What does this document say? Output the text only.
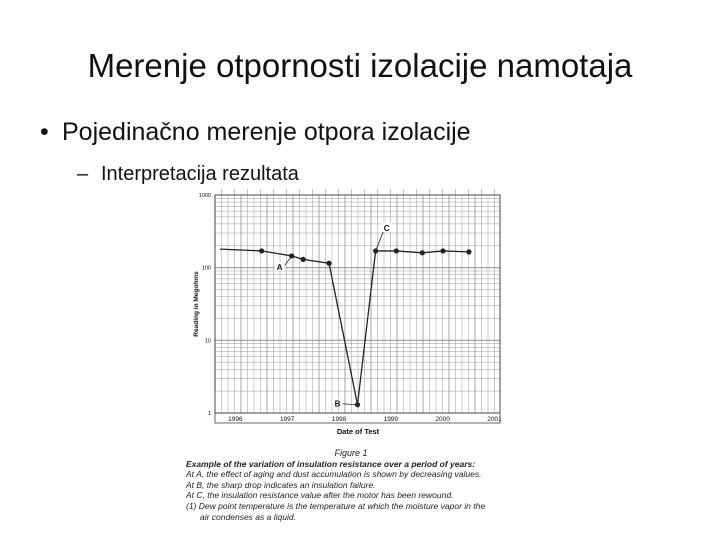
Merenje otpornosti izolacije namotaja
• Pojedinačno merenje otpora izolacije
– Interpretacija rezultata
1996	1997	1998	1999	2000	2001
1
10
100
1000
Date of Test
Reading in Megohms
A
B
C
Figure 1
Example of the variation of insulation resistance over a period of years:
At A, the effect of aging and dust accumulation is shown by decreasing values.
At B, the sharp drop indicates an insulation failure.
At C, the insulation resistance value after the motor has been rewound.
(1) Dew point temperature is the temperature at which the moisture vapor in the
air condenses as a liquid.
